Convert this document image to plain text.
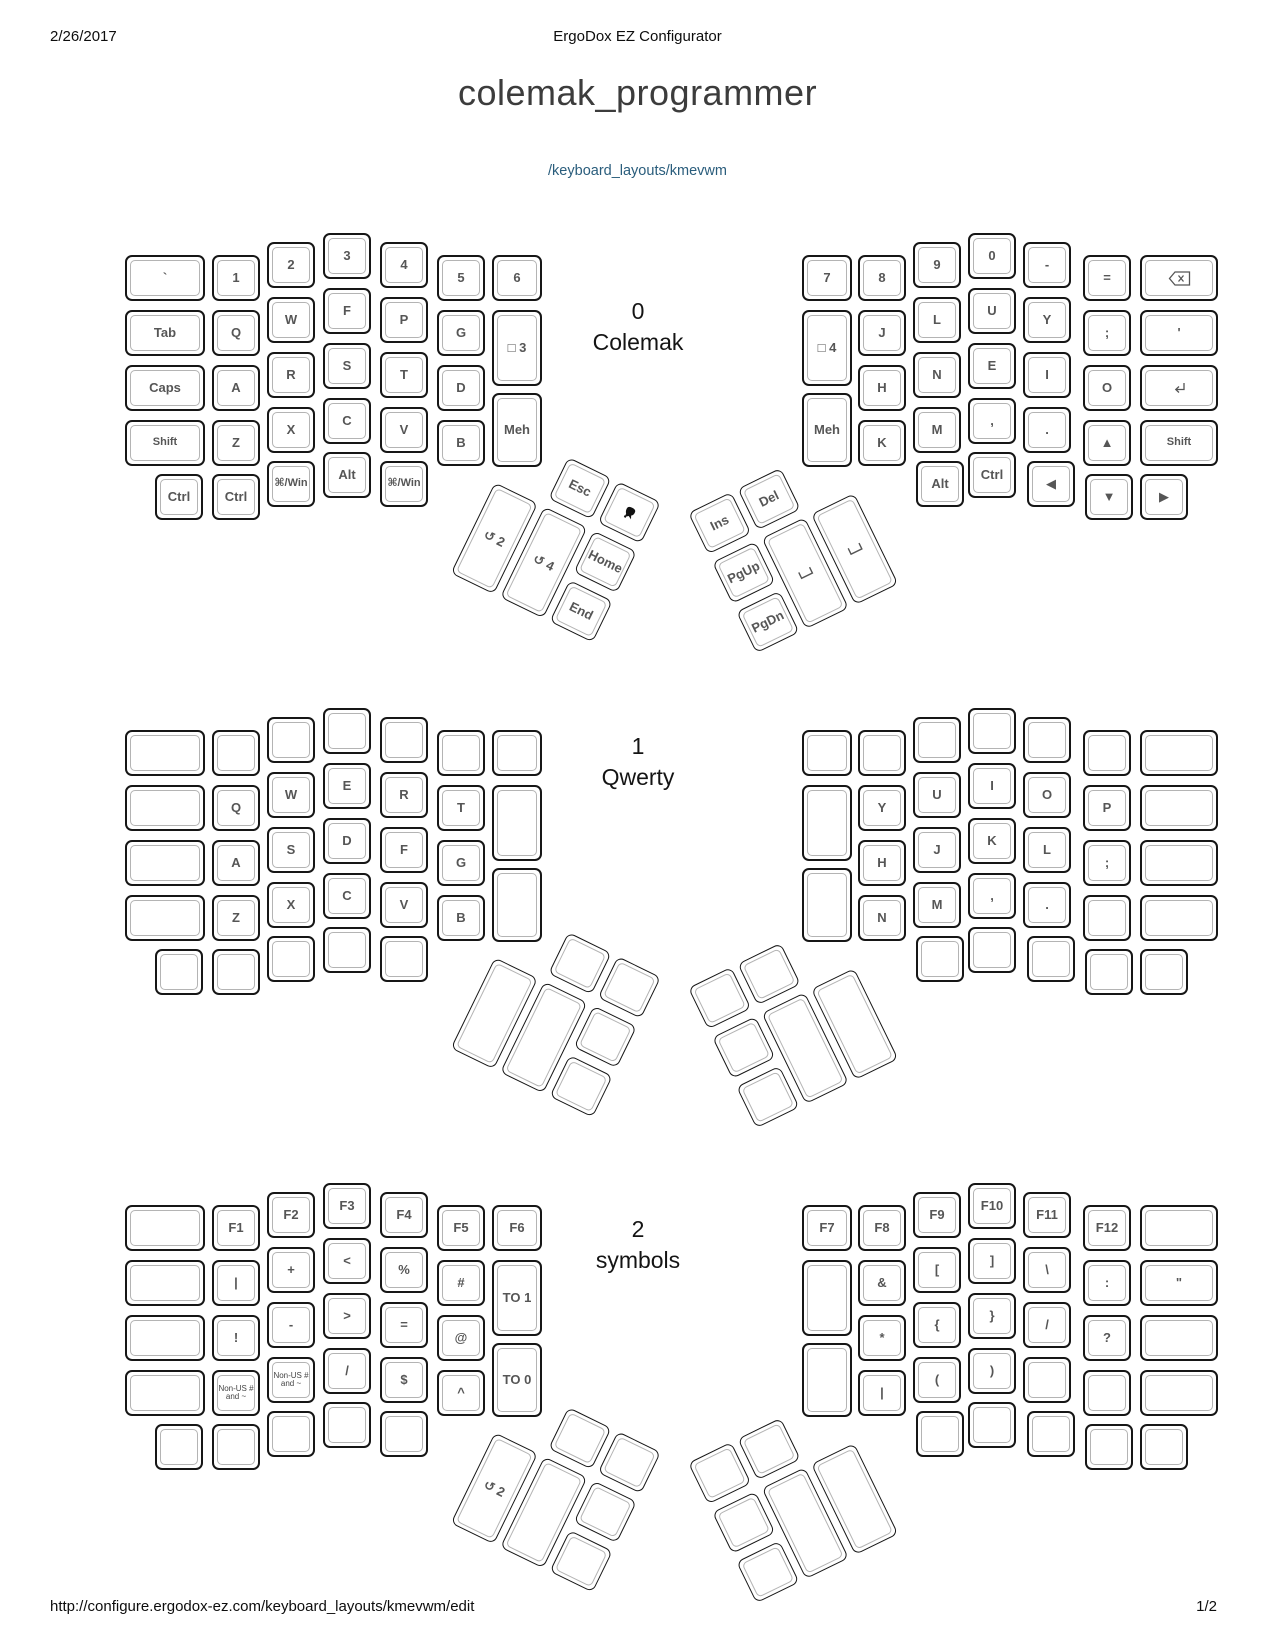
2/26/2017	ErgoDox EZ Configurator
colemak_programmer
/keyboard_layouts/kmevwm
0
Colemak
`
Tab
Caps
Shift
1
Q
A
Z
2
W
R
X
3
F
S
C
4
P
T
V
5
G
D
B
6
□ 3
Meh
Ctrl	Ctrl
⌘/Win
Alt
⌘/Win	Esc
↺ 2
↺ 4 Home
End
'
Shift
8
J
H
K
9
L
N
M
0
U
E
,
-
Y
I
.
=
;
O
▲
7
□ 4
Meh
Alt
Ctrl
◀
▼	▶
Ins
Del
PgUp
PgDn
1
Qwerty
Q
A
Z
W
S
X
E
D
C
R
F
V
T
G
B
Y
H
N
U
J
M
I
K
,
O
L
.
P
;
2
symbols
F1
|
!
Non-US # and ~
F2
+
-
Non-US # and ~
F3
<
>
/
F4
%
=
$
F5
#
@
^
F6
TO 1
TO 0
↺ 2
"
F8
&
*
|
F9
[
{
(
F10
]
}
)
F11
\
/
F12
:
?
F7
http://configure.ergodox-ez.com/keyboard_layouts/kmevwm/edit	1/2
